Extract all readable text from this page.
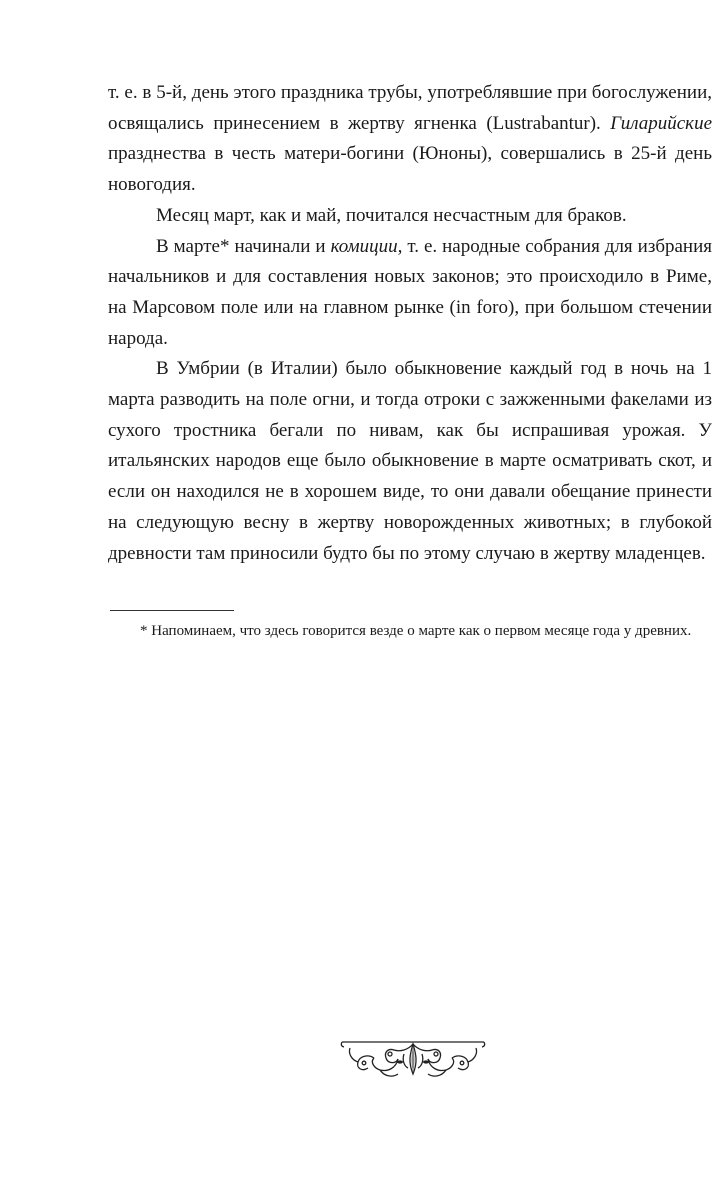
т. е. в 5-й, день этого праздника трубы, употреблявшие при богослужении, освящались принесением в жертву ягненка (Lustrabantur). Гиларийские празднества в честь матери-богини (Юноны), совершались в 25-й день новогодия.

Месяц март, как и май, почитался несчастным для браков.

В марте* начинали и комиции, т. е. народные собрания для избрания начальников и для составления новых законов; это происходило в Риме, на Марсовом поле или на главном рынке (in foro), при большом стечении народа.

В Умбрии (в Италии) было обыкновение каждый год в ночь на 1 марта разводить на поле огни, и тогда отроки с зажженными факелами из сухого тростника бегали по нивам, как бы испрашивая урожая. У итальянских народов еще было обыкновение в марте осматривать скот, и если он находился не в хорошем виде, то они давали обещание принести на следующую весну в жертву новорожденных животных; в глубокой древности там приносили будто бы по этому случаю в жертву младенцев.

* Напоминаем, что здесь говорится везде о марте как о первом месяце года у древних.
